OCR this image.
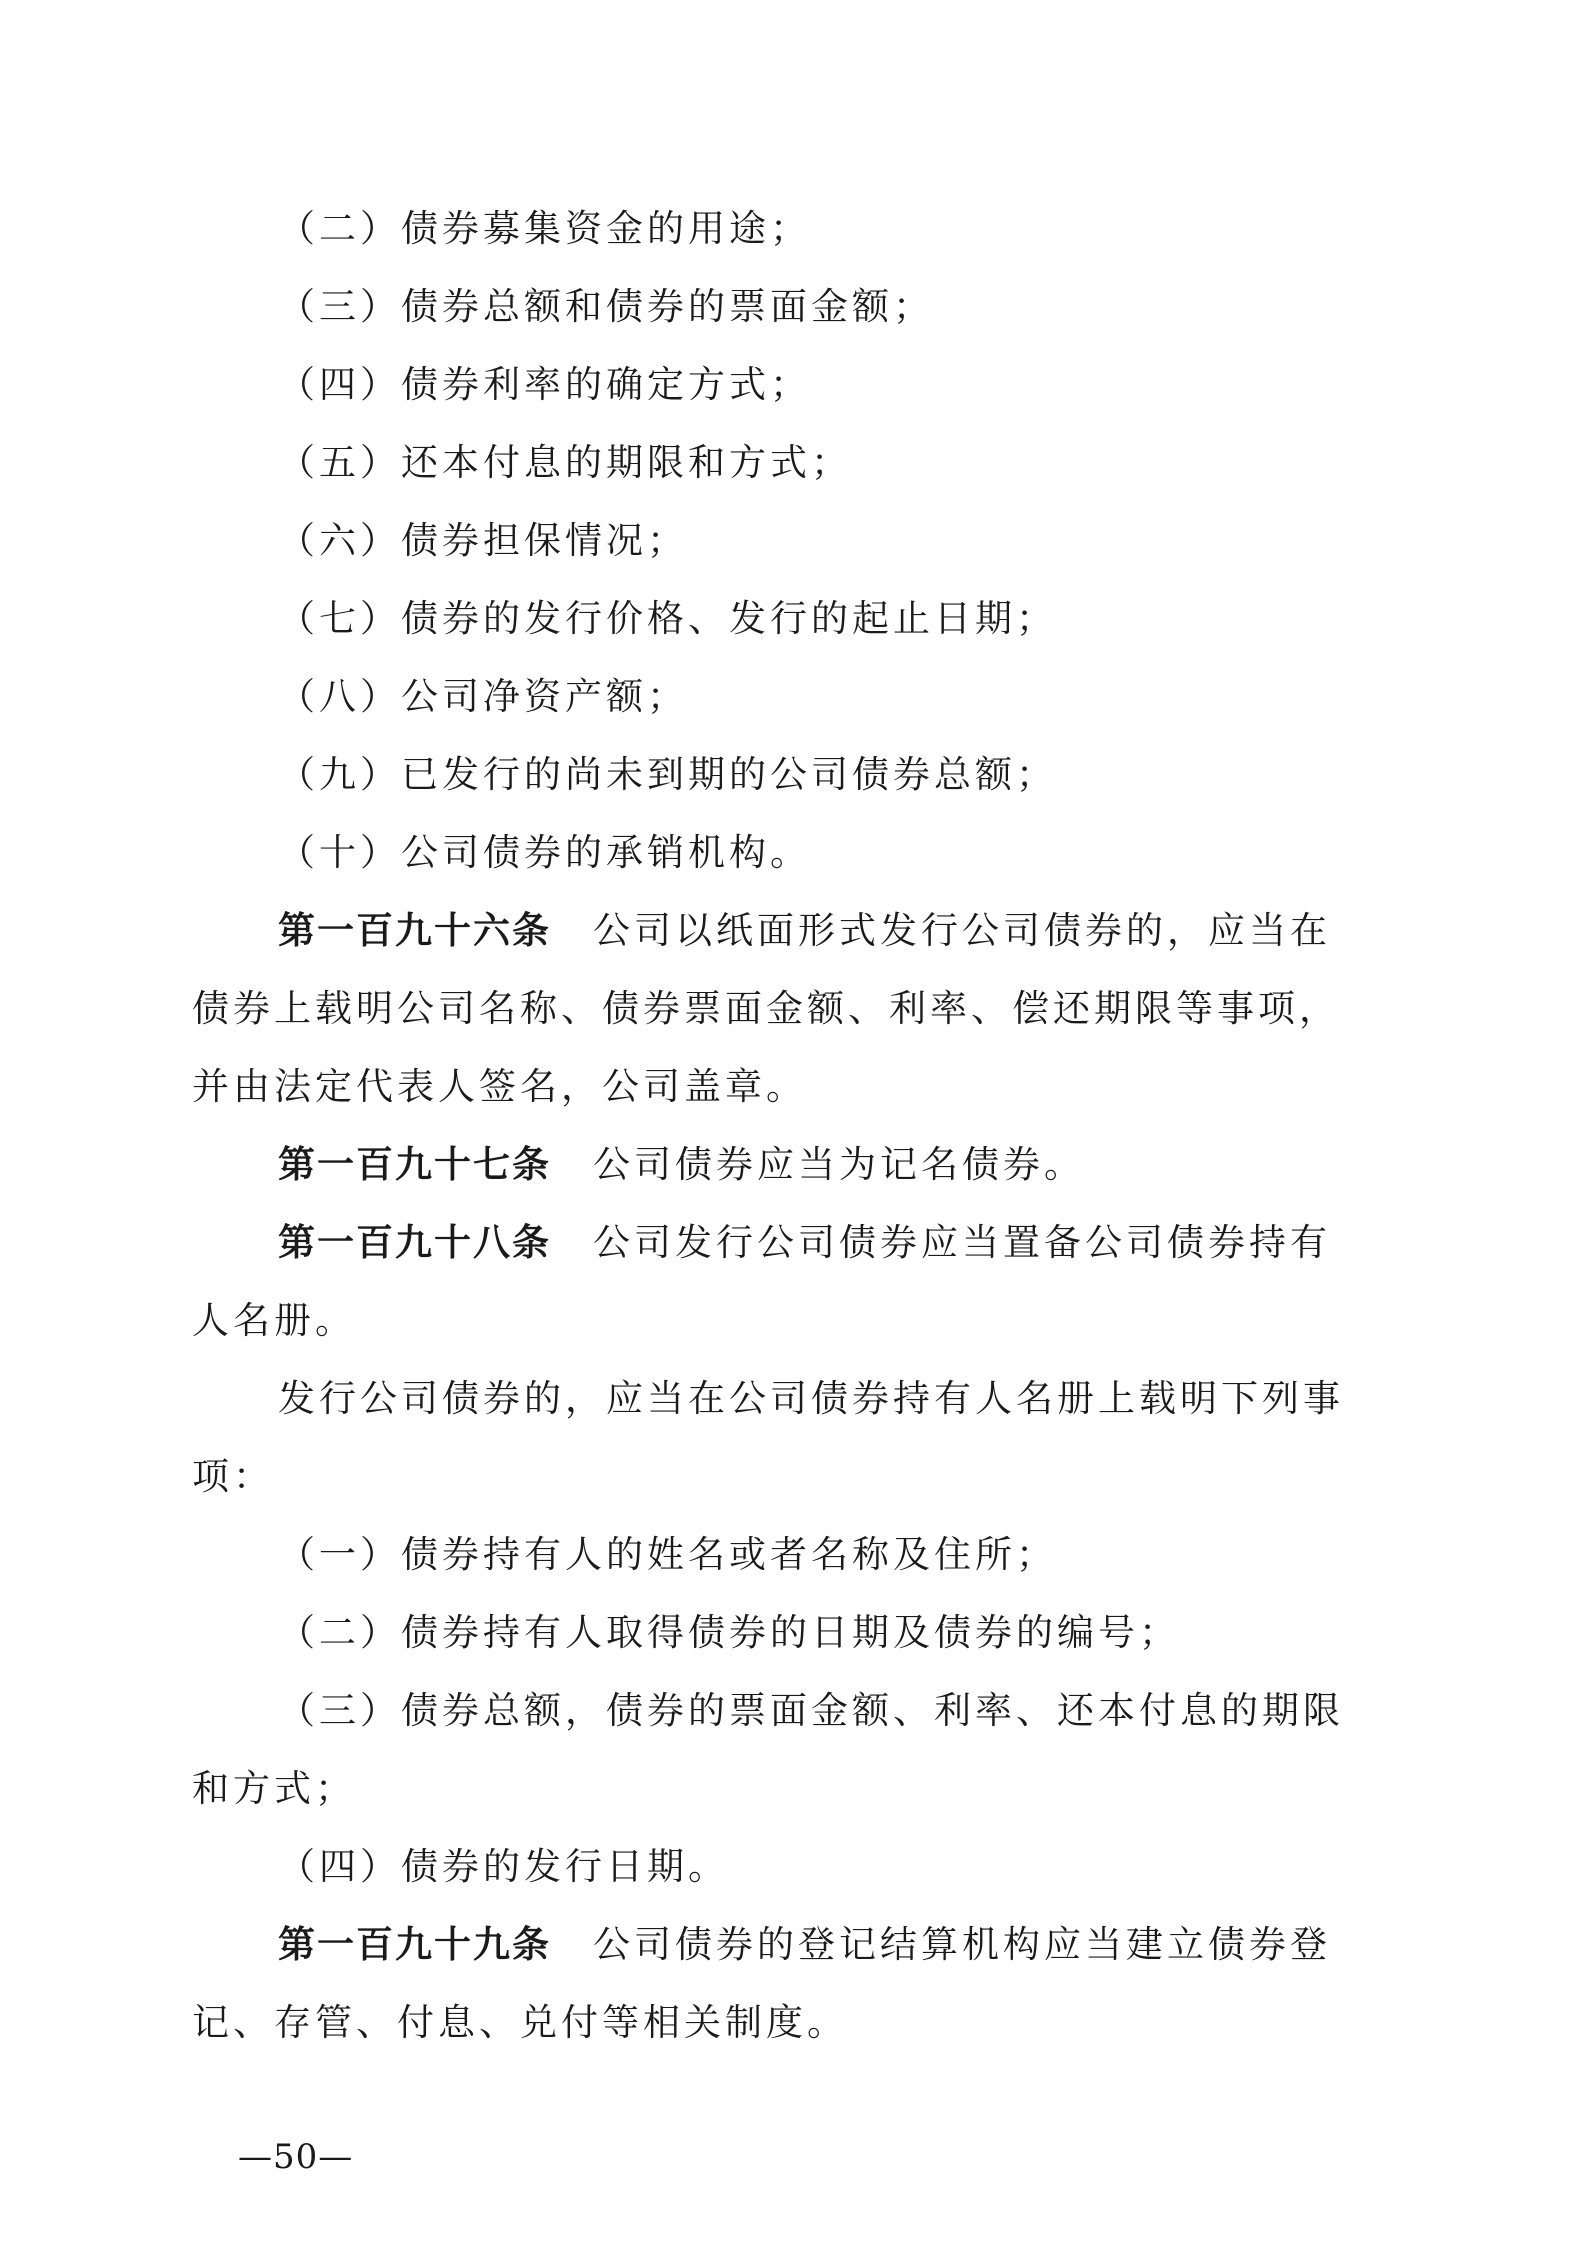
（二）债券募集资金的用途；
（三）债券总额和债券的票面金额；
（四）债券利率的确定方式；
（五）还本付息的期限和方式；
（六）债券担保情况；
（七）债券的发行价格、发行的起止日期；
（八）公司净资产额；
（九）已发行的尚未到期的公司债券总额；
（十）公司债券的承销机构。
第一百九十六条 公司以纸面形式发行公司债券的，应当在
债券上载明公司名称、债券票面金额、利率、偿还期限等事项，
并由法定代表人签名，公司盖章。
第一百九十七条 公司债券应当为记名债券。
第一百九十八条 公司发行公司债券应当置备公司债券持有
人名册。
发行公司债券的，应当在公司债券持有人名册上载明下列事
项：
（一）债券持有人的姓名或者名称及住所；
（二）债券持有人取得债券的日期及债券的编号；
（三）债券总额，债券的票面金额、利率、还本付息的期限
和方式；
（四）债券的发行日期。
第一百九十九条 公司债券的登记结算机构应当建立债券登
记、存管、付息、兑付等相关制度。
—50—
